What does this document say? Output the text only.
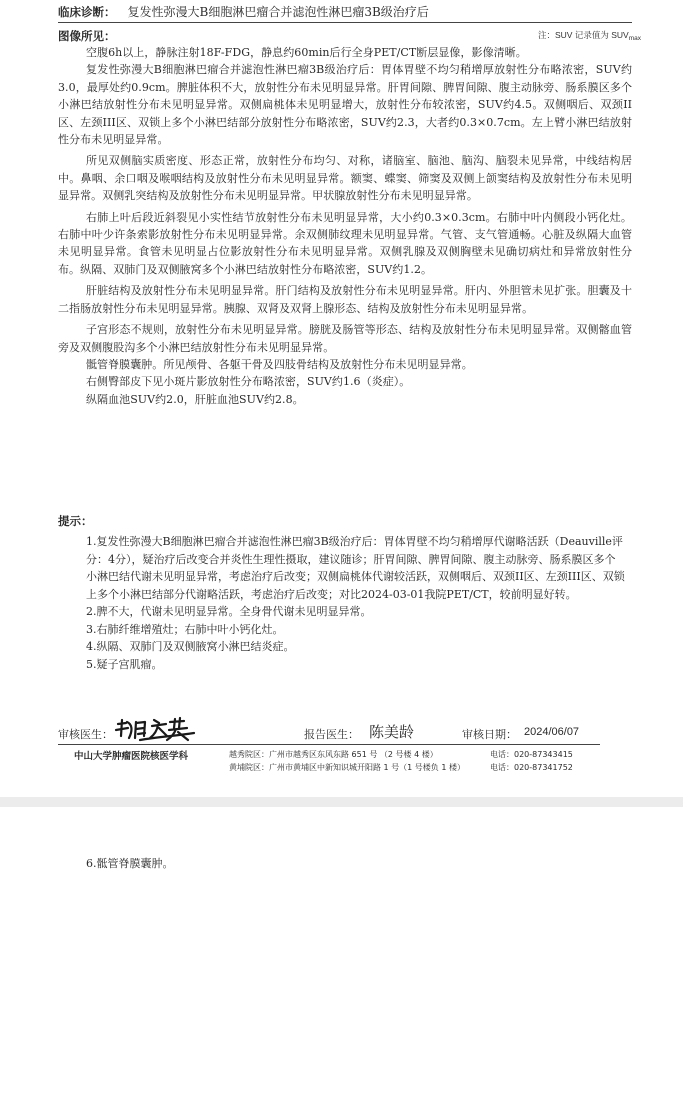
临床诊断： 复发性弥漫大B细胞淋巴瘤合并滤泡性淋巴瘤3B级治疗后
图像所见：	注：SUV 记录值为 $SUV_{max}$

空腹6h以上，静脉注射18F-FDG，静息约60min后行全身PET/CT断层显像，影像清晰。

复发性弥漫大B细胞淋巴瘤合并滤泡性淋巴瘤3B级治疗后：胃体胃壁不均匀稍增厚放射性分布略浓密，SUV约3.0，最厚处约0.9cm。脾脏体积不大，放射性分布未见明显异常。肝胃间隙、脾胃间隙、腹主动脉旁、肠系膜区多个小淋巴结放射性分布未见明显异常。双侧扁桃体未见明显增大，放射性分布较浓密，SUV约4.5。双侧咽后、双颈II区、左颈III区、双锁上多个小淋巴结部分放射性分布略浓密，SUV约2.3，大者约0.3×0.7cm。左上臂小淋巴结放射性分布未见明显异常。

所见双侧脑实质密度、形态正常，放射性分布均匀、对称，诸脑室、脑池、脑沟、脑裂未见异常，中线结构居中。鼻咽、余口咽及喉咽结构及放射性分布未见明显异常。额窦、蝶窦、筛窦及双侧上颌窦结构及放射性分布未见明显异常。双侧乳突结构及放射性分布未见明显异常。甲状腺放射性分布未见明显异常。

右肺上叶后段近斜裂见小实性结节放射性分布未见明显异常，大小约0.3×0.3cm。右肺中叶内侧段小钙化灶。右肺中叶少许条索影放射性分布未见明显异常。余双侧肺纹理未见明显异常。气管、支气管通畅。心脏及纵隔大血管未见明显异常。食管未见明显占位影放射性分布未见明显异常。双侧乳腺及双侧胸壁未见确切病灶和异常放射性分布。纵隔、双肺门及双侧腋窝多个小淋巴结放射性分布略浓密，SUV约1.2。

肝脏结构及放射性分布未见明显异常。肝门结构及放射性分布未见明显异常。肝内、外胆管未见扩张。胆囊及十二指肠放射性分布未见明显异常。胰腺、双肾及双肾上腺形态、结构及放射性分布未见明显异常。

子宫形态不规则，放射性分布未见明显异常。膀胱及肠管等形态、结构及放射性分布未见明显异常。双侧髂血管旁及双侧腹股沟多个小淋巴结放射性分布未见明显异常。

骶管脊膜囊肿。所见颅骨、各躯干骨及四肢骨结构及放射性分布未见明显异常。

右侧臀部皮下见小斑片影放射性分布略浓密，SUV约1.6（炎症）。

纵隔血池SUV约2.0，肝脏血池SUV约2.8。

提示：
1.复发性弥漫大B细胞淋巴瘤合并滤泡性淋巴瘤3B级治疗后：胃体胃壁不均匀稍增厚代谢略活跃（Deauville评分：4分），疑治疗后改变合并炎性生理性摄取，建议随诊；肝胃间隙、脾胃间隙、腹主动脉旁、肠系膜区多个小淋巴结代谢未见明显异常，考虑治疗后改变；双侧扁桃体代谢较活跃，双侧咽后、双颈II区、左颈III区、双锁上多个小淋巴结部分代谢略活跃，考虑治疗后改变；对比2024-03-01我院PET/CT，较前明显好转。
2.脾不大，代谢未见明显异常。全身骨代谢未见明显异常。
3.右肺纤维增殖灶；右肺中叶小钙化灶。
4.纵隔、双肺门及双侧腋窝小淋巴结炎症。
5.疑子宫肌瘤。
审核医生：	报告医生： 陈美龄	审核日期： 2024/06/07
中山大学肿瘤医院核医学科	越秀院区：广州市越秀区东风东路 651 号 （2 号楼 4 楼）	电话：020-87343415
黄埔院区：广州市黄埔区中新知识城开阳路 1 号（1 号楼负 1 楼）	电话：020-87341752
6.骶管脊膜囊肿。
